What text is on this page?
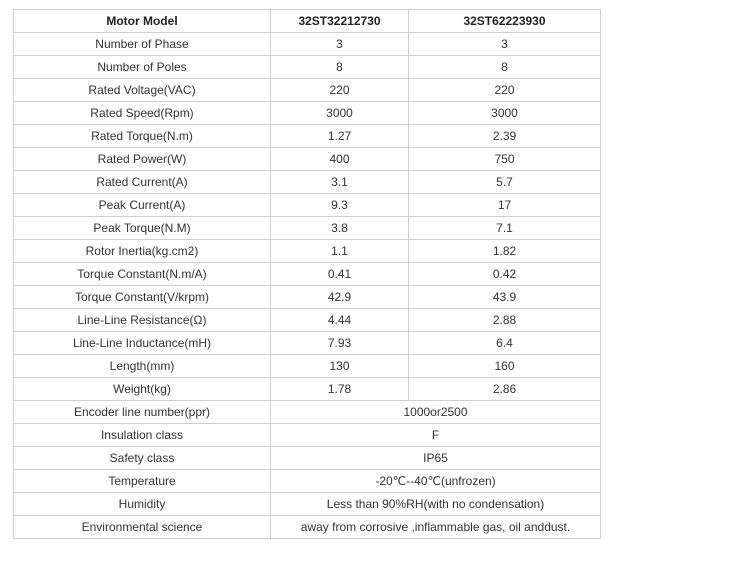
Motor Model	32ST32212730	32ST62223930
Number of Phase	3	3
Number of Poles	8	8
Rated Voltage(VAC)	220	220
Rated Speed(Rpm)	3000	3000
Rated Torque(N.m)	1.27	2.39
Rated Power(W)	400	750
Rated Current(A)	3.1	5.7
Peak Current(A)	9.3	17
Peak Torque(N.M)	3.8	7.1
Rotor Inertia(kg.cm2)	1.1	1.82
Torque Constant(N.m/A)	0.41	0.42
Torque Constant(V/krpm)	42.9	43.9
Line-Line Resistance(Ω)	4.44	2.88
Line-Line Inductance(mH)	7.93	6.4
Length(mm)	130	160
Weight(kg)	1.78	2.86
Encoder line number(ppr)	1000or2500	
Insulation class	F	
Safety class	IP65	
Temperature	-20℃--40℃(unfrozen)	
Humidity	Less than 90%RH(with no condensation)	
Environmental science	away from corrosive ,inflammable gas, oil anddust.	
